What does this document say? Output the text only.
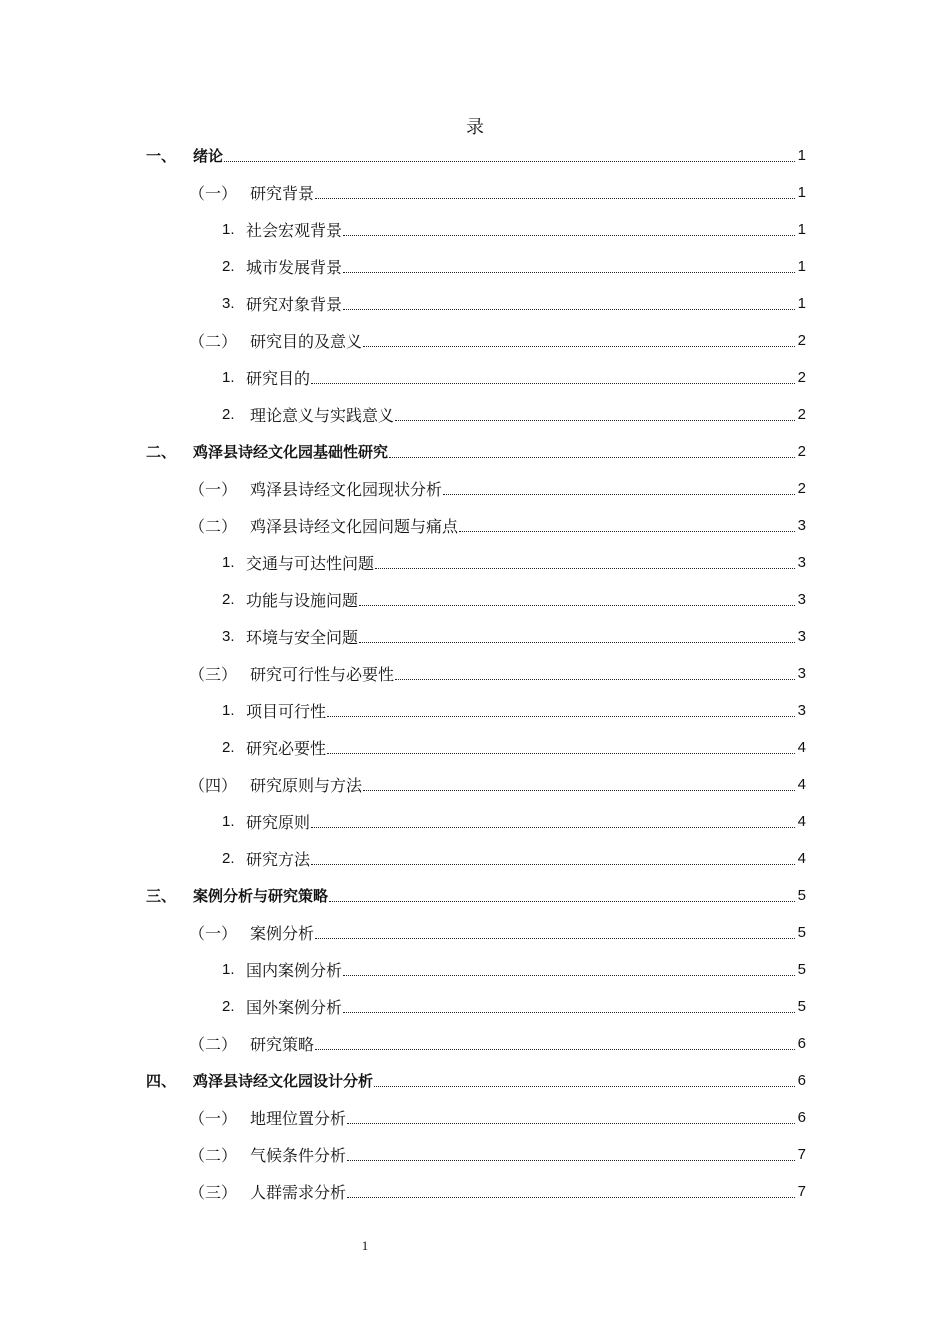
录
一、	绪论	1
（一） 研究背景	1
1. 社会宏观背景	1
2. 城市发展背景	1
3. 研究对象背景	1
（二） 研究目的及意义	2
1. 研究目的	2
2. 理论意义与实践意义	2
二、	鸡泽县诗经文化园基础性研究	2
（一） 鸡泽县诗经文化园现状分析	2
（二） 鸡泽县诗经文化园问题与痛点	3
1. 交通与可达性问题	3
2. 功能与设施问题	3
3. 环境与安全问题	3
（三） 研究可行性与必要性	3
1. 项目可行性	3
2. 研究必要性	4
（四） 研究原则与方法	4
1. 研究原则	4
2. 研究方法	4
三、	案例分析与研究策略	5
（一） 案例分析	5
1. 国内案例分析	5
2. 国外案例分析	5
（二） 研究策略	6
四、	鸡泽县诗经文化园设计分析	6
（一） 地理位置分析	6
（二） 气候条件分析	7
（三） 人群需求分析	7
1
